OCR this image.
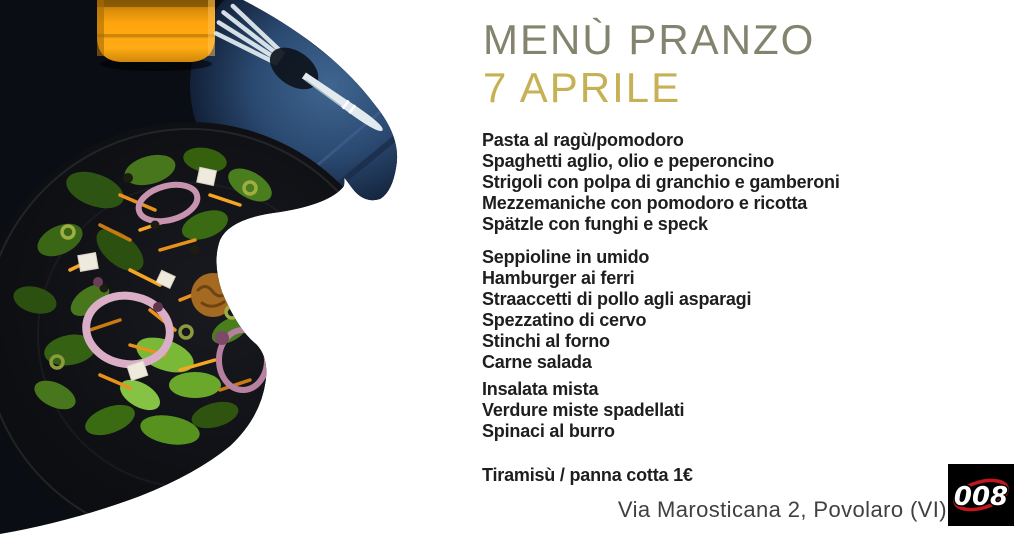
MENÙ PRANZO
7 APRILE
Pasta al ragù/pomodoro
Spaghetti aglio, olio e peperoncino
Strigoli con polpa di granchio e gamberoni
Mezzemaniche con pomodoro e ricotta
Spätzle con funghi e speck
Seppioline in umido
Hamburger ai ferri
Straaccetti di pollo agli asparagi
Spezzatino di cervo
Stinchi al forno
Carne salada
Insalata mista
Verdure miste spadellati
Spinaci al burro
Tiramisù / panna cotta 1€
Via Marosticana 2, Povolaro (VI) 008
